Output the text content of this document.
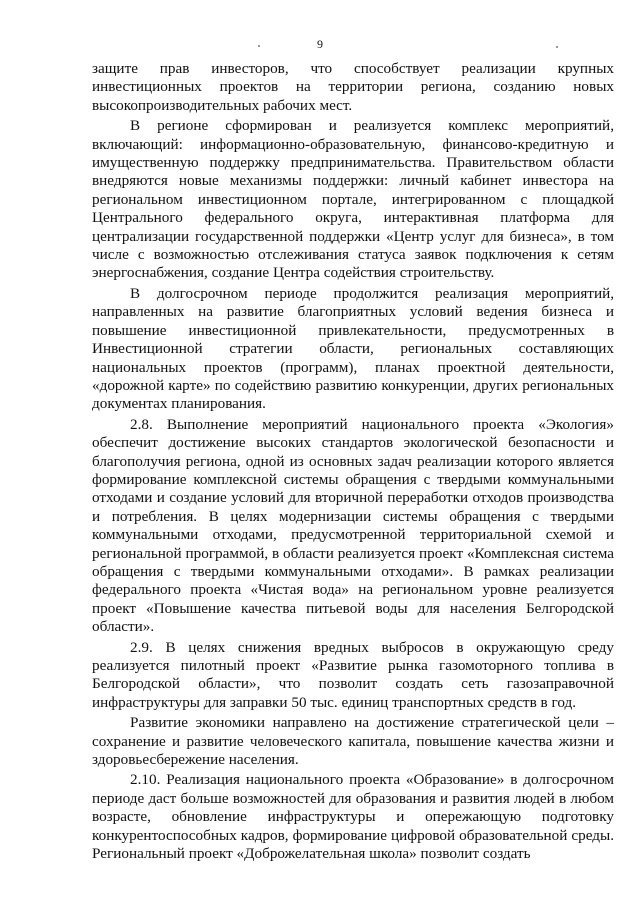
9

защите прав инвесторов, что способствует реализации крупных инвестиционных проектов на территории региона, созданию новых высокопроизводительных рабочих мест.

В регионе сформирован и реализуется комплекс мероприятий, включающий: информационно-образовательную, финансово-кредитную и имущественную поддержку предпринимательства. Правительством области внедряются новые механизмы поддержки: личный кабинет инвестора на региональном инвестиционном портале, интегрированном с площадкой Центрального федерального округа, интерактивная платформа для централизации государственной поддержки «Центр услуг для бизнеса», в том числе с возможностью отслеживания статуса заявок подключения к сетям энергоснабжения, создание Центра содействия строительству.

В долгосрочном периоде продолжится реализация мероприятий, направленных на развитие благоприятных условий ведения бизнеса и повышение инвестиционной привлекательности, предусмотренных в Инвестиционной стратегии области, региональных составляющих национальных проектов (программ), планах проектной деятельности, «дорожной карте» по содействию развитию конкуренции, других региональных документах планирования.

2.8. Выполнение мероприятий национального проекта «Экология» обеспечит достижение высоких стандартов экологической безопасности и благополучия региона, одной из основных задач реализации которого является формирование комплексной системы обращения с твердыми коммунальными отходами и создание условий для вторичной переработки отходов производства и потребления. В целях модернизации системы обращения с твердыми коммунальными отходами, предусмотренной территориальной схемой и региональной программой, в области реализуется проект «Комплексная система обращения с твердыми коммунальными отходами». В рамках реализации федерального проекта «Чистая вода» на региональном уровне реализуется проект «Повышение качества питьевой воды для населения Белгородской области».

2.9. В целях снижения вредных выбросов в окружающую среду реализуется пилотный проект «Развитие рынка газомоторного топлива в Белгородской области», что позволит создать сеть газозаправочной инфраструктуры для заправки 50 тыс. единиц транспортных средств в год.

Развитие экономики направлено на достижение стратегической цели – сохранение и развитие человеческого капитала, повышение качества жизни и здоровьесбережение населения.

2.10. Реализация национального проекта «Образование» в долгосрочном периоде даст больше возможностей для образования и развития людей в любом возрасте, обновление инфраструктуры и опережающую подготовку конкурентоспособных кадров, формирование цифровой образовательной среды. Региональный проект «Доброжелательная школа» позволит создать
